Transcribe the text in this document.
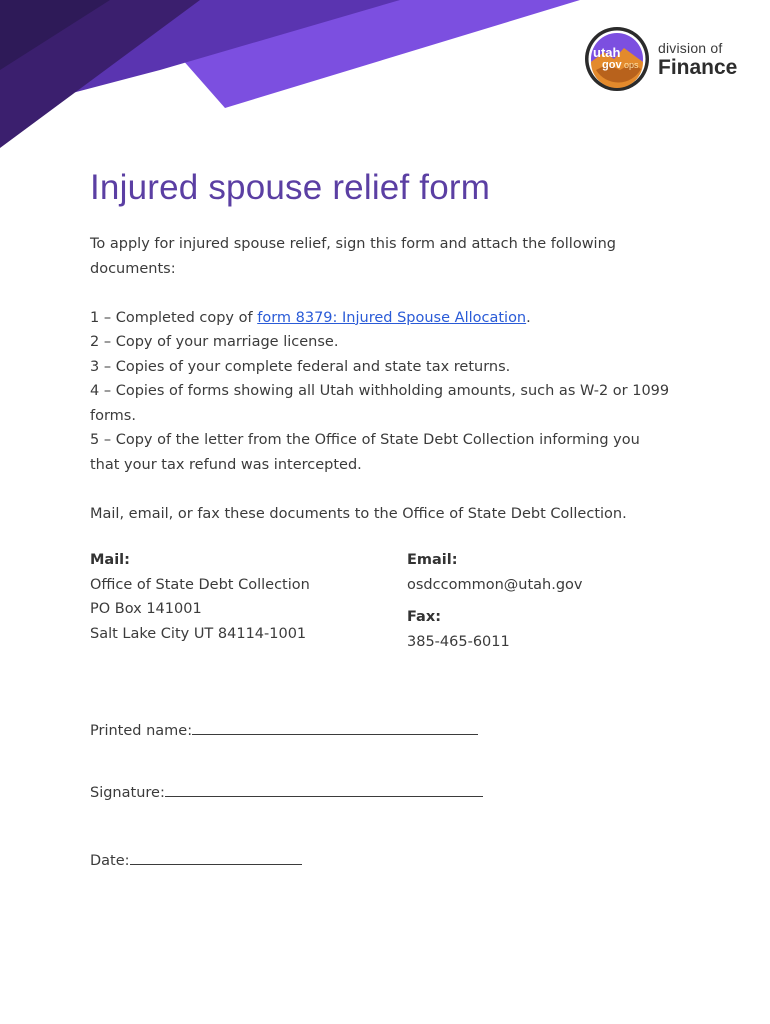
utah
gov ops
division of
Finance
Injured spouse relief form

To apply for injured spouse relief, sign this form and attach the following documents:

1 – Completed copy of form 8379: Injured Spouse Allocation.

2 – Copy of your marriage license.

3 – Copies of your complete federal and state tax returns.

4 – Copies of forms showing all Utah withholding amounts, such as W-2 or 1099 forms.

5 – Copy of the letter from the Office of State Debt Collection informing you that your tax refund was intercepted.

Mail, email, or fax these documents to the Office of State Debt Collection.

Mail:
Office of State Debt Collection
PO Box 141001
Salt Lake City UT 84114-1001
Email:
osdccommon@utah.gov
Fax:
385-465-6011
Printed name:
Signature:
Date:
